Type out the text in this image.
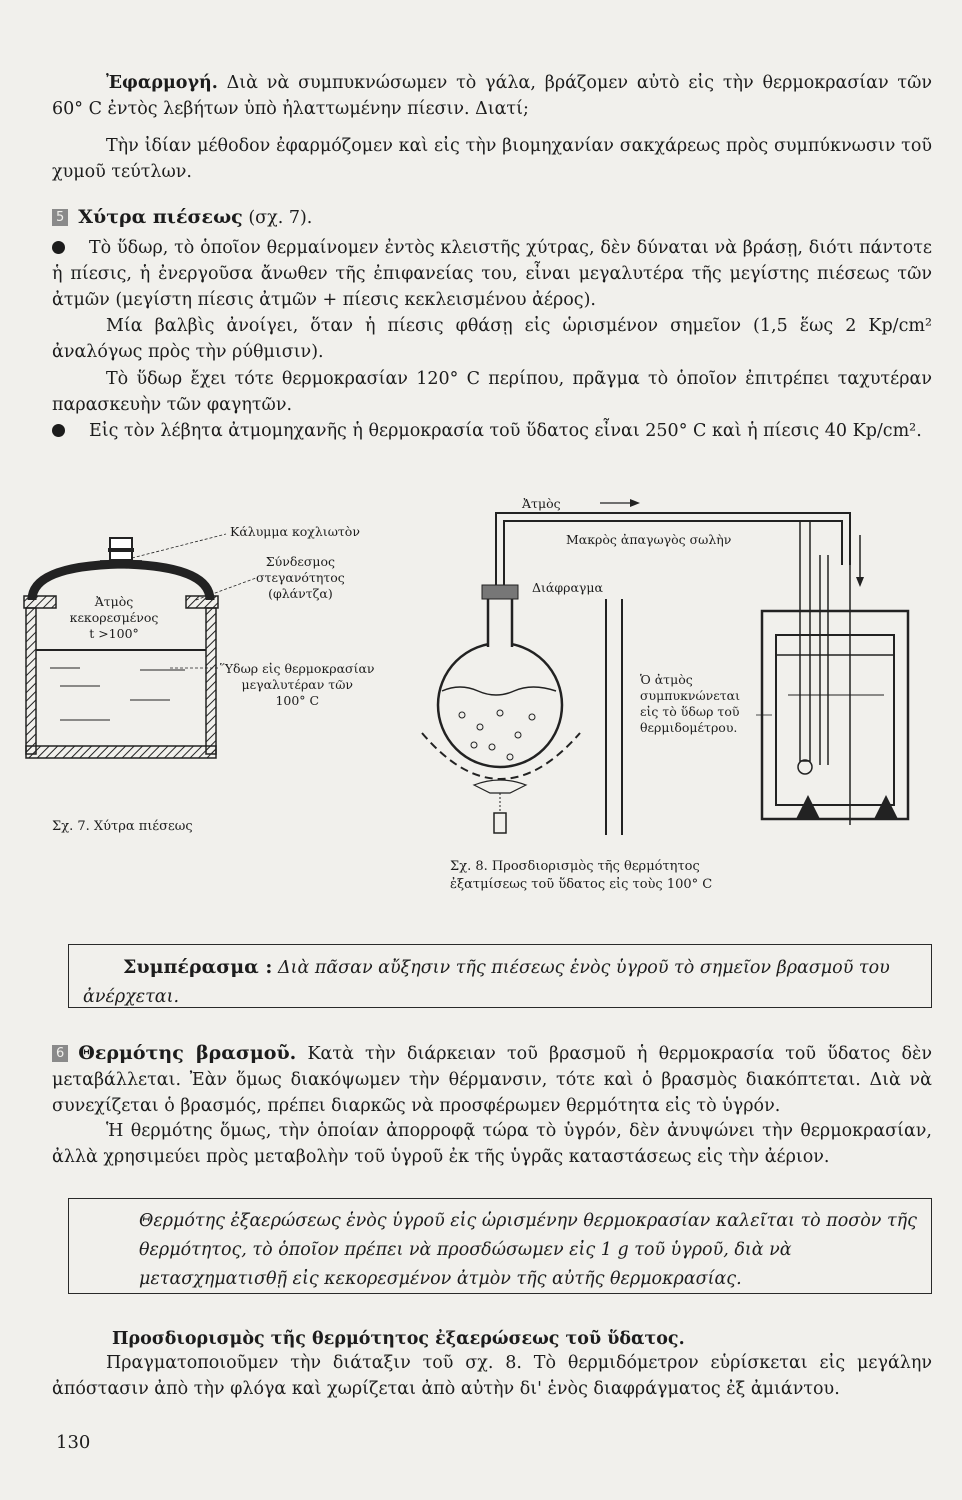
Ἐφαρμογή. Διὰ νὰ συμπυκνώσωμεν τὸ γάλα, βράζομεν αὐτὸ εἰς τὴν θερμοκρασίαν τῶν 60° C ἐντὸς λεβήτων ὑπὸ ἠλαττωμένην πίεσιν. Διατί;
Τὴν ἰδίαν μέθοδον ἐφαρμόζομεν καὶ εἰς τὴν βιομηχανίαν σακχάρεως πρὸς συμπύκνωσιν τοῦ χυμοῦ τεύτλων.
5 Χύτρα πιέσεως (σχ. 7).
Τὸ ὕδωρ, τὸ ὁποῖον θερμαίνομεν ἐντὸς κλειστῆς χύτρας, δὲν δύναται νὰ βράσῃ, διότι πάντοτε ἡ πίεσις, ἡ ἐνεργοῦσα ἄνωθεν τῆς ἐπιφανείας του, εἶναι μεγαλυτέρα τῆς μεγίστης πιέσεως τῶν ἀτμῶν (μεγίστη πίεσις ἀτμῶν + πίεσις κεκλεισμένου ἀέρος).
Μία βαλβὶς ἀνοίγει, ὅταν ἡ πίεσις φθάσῃ εἰς ὡρισμένον σημεῖον (1,5 ἕως 2 Kp/cm² ἀναλόγως πρὸς τὴν ρύθμισιν).
Τὸ ὕδωρ ἔχει τότε θερμοκρασίαν 120° C περίπου, πρᾶγμα τὸ ὁποῖον ἐπιτρέπει ταχυτέραν παρασκευὴν τῶν φαγητῶν.
Εἰς τὸν λέβητα ἀτμομηχανῆς ἡ θερμοκρασία τοῦ ὕδατος εἶναι 250° C καὶ ἡ πίεσις 40 Kp/cm².
Κάλυμμα κοχλιωτὸν
Σύνδεσμος
στεγανότητος
(φλάντζα)
Ἀτμὸς
κεκορεσμένος
t >100°
Ὕδωρ εἰς θερμοκρασίαν
μεγαλυτέραν τῶν
100° C
Σχ. 7. Χύτρα πιέσεως
Ἀτμὸς
Μακρὸς ἀπαγωγὸς σωλὴν
Διάφραγμα
Ὁ ἀτμὸς
συμπυκνώνεται
εἰς τὸ ὕδωρ τοῦ
θερμιδομέτρου.
Σχ. 8. Προσδιορισμὸς τῆς θερμότητος
ἐξατμίσεως τοῦ ὕδατος εἰς τοὺς 100° C
Συμπέρασμα : Διὰ πᾶσαν αὔξησιν τῆς πιέσεως ἑνὸς ὑγροῦ τὸ σημεῖον βρασμοῦ του ἀνέρχεται.
6 Θερμότης βρασμοῦ. Κατὰ τὴν διάρκειαν τοῦ βρασμοῦ ἡ θερμοκρασία τοῦ ὕδατος δὲν μεταβάλλεται. Ἐὰν ὅμως διακόψωμεν τὴν θέρμανσιν, τότε καὶ ὁ βρασμὸς διακόπτεται. Διὰ νὰ συνεχίζεται ὁ βρασμός, πρέπει διαρκῶς νὰ προσφέρωμεν θερμότητα εἰς τὸ ὑγρόν.
Ἡ θερμότης ὅμως, τὴν ὁποίαν ἀπορροφᾷ τώρα τὸ ὑγρόν, δὲν ἀνυψώνει τὴν θερμοκρασίαν, ἀλλὰ χρησιμεύει πρὸς μεταβολὴν τοῦ ὑγροῦ ἐκ τῆς ὑγρᾶς καταστάσεως εἰς τὴν ἀέριον.
Θερμότης ἐξαερώσεως ἑνὸς ὑγροῦ εἰς ὡρισμένην θερμοκρασίαν καλεῖται τὸ ποσὸν τῆς θερμότητος, τὸ ὁποῖον πρέπει νὰ προσδώσωμεν εἰς 1 g τοῦ ὑγροῦ, διὰ νὰ μετασχηματισθῇ εἰς κεκορεσμένον ἀτμὸν τῆς αὐτῆς θερμοκρασίας.
Προσδιορισμὸς τῆς θερμότητος ἐξαερώσεως τοῦ ὕδατος.
Πραγματοποιοῦμεν τὴν διάταξιν τοῦ σχ. 8. Τὸ θερμιδόμετρον εὑρίσκεται εἰς μεγάλην ἀπόστασιν ἀπὸ τὴν φλόγα καὶ χωρίζεται ἀπὸ αὐτὴν δι' ἑνὸς διαφράγματος ἐξ ἀμιάντου.
130
